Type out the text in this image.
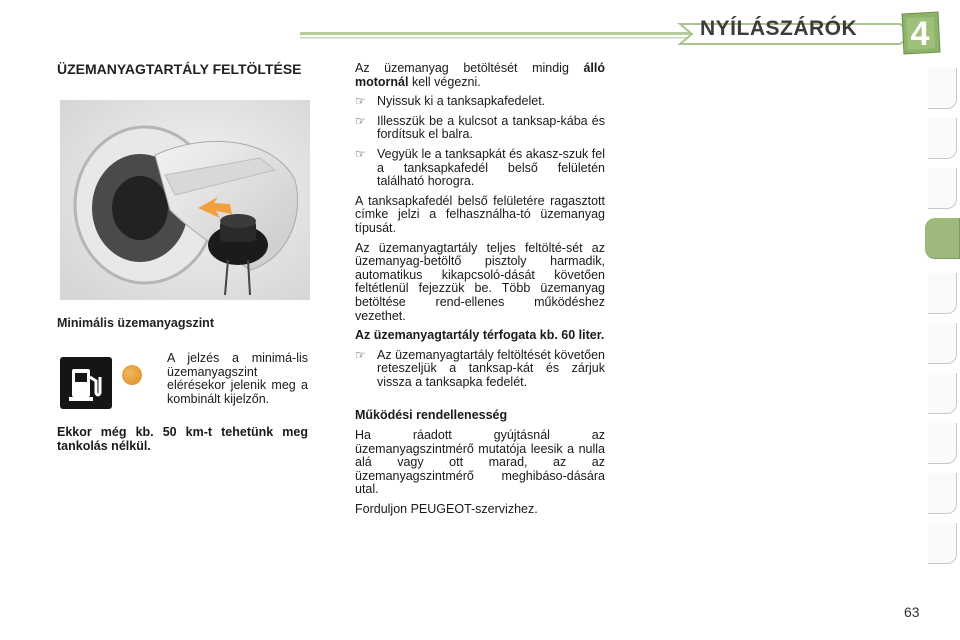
NYÍLÁSZÁRÓK	4
ÜZEMANYAGTARTÁLY FELTÖLTÉSE
Minimális üzemanyagszint
A jelzés a minimá-lis üzemanyagszint elérésekor jelenik meg a kombinált kijelzőn.
Ekkor még kb. 50 km-t tehetünk meg tankolás nélkül.

Az üzemanyag betöltését mindig álló motornál kell végezni.

☞ Nyissuk ki a tanksapkafedelet.
☞ Illesszük be a kulcsot a tanksap-kába és fordítsuk el balra.
☞ Vegyük le a tanksapkát és akasz-szuk fel a tanksapkafedél belső felületén található horogra.

A tanksapkafedél belső felületére ragasztott címke jelzi a felhasználha-tó üzemanyag típusát.

Az üzemanyagtartály teljes feltölté-sét az üzemanyag-betöltő pisztoly harmadik, automatikus kikapcsoló-dását követően feltétlenül fejezzük be. Több üzemanyag betöltése rend-ellenes működéshez vezethet.

Az üzemanyagtartály térfogata kb. 60 liter.

☞ Az üzemanyagtartály feltöltését követően reteszeljük a tanksap-kát és zárjuk vissza a tanksapka fedelét.

Működési rendellenesség

Ha ráadott gyújtásnál az üzemanyagszintmérő mutatója leesik a nulla alá vagy ott marad, az az üzemanyagszintmérő meghibáso-dására utal.

Forduljon PEUGEOT-szervizhez.

63
